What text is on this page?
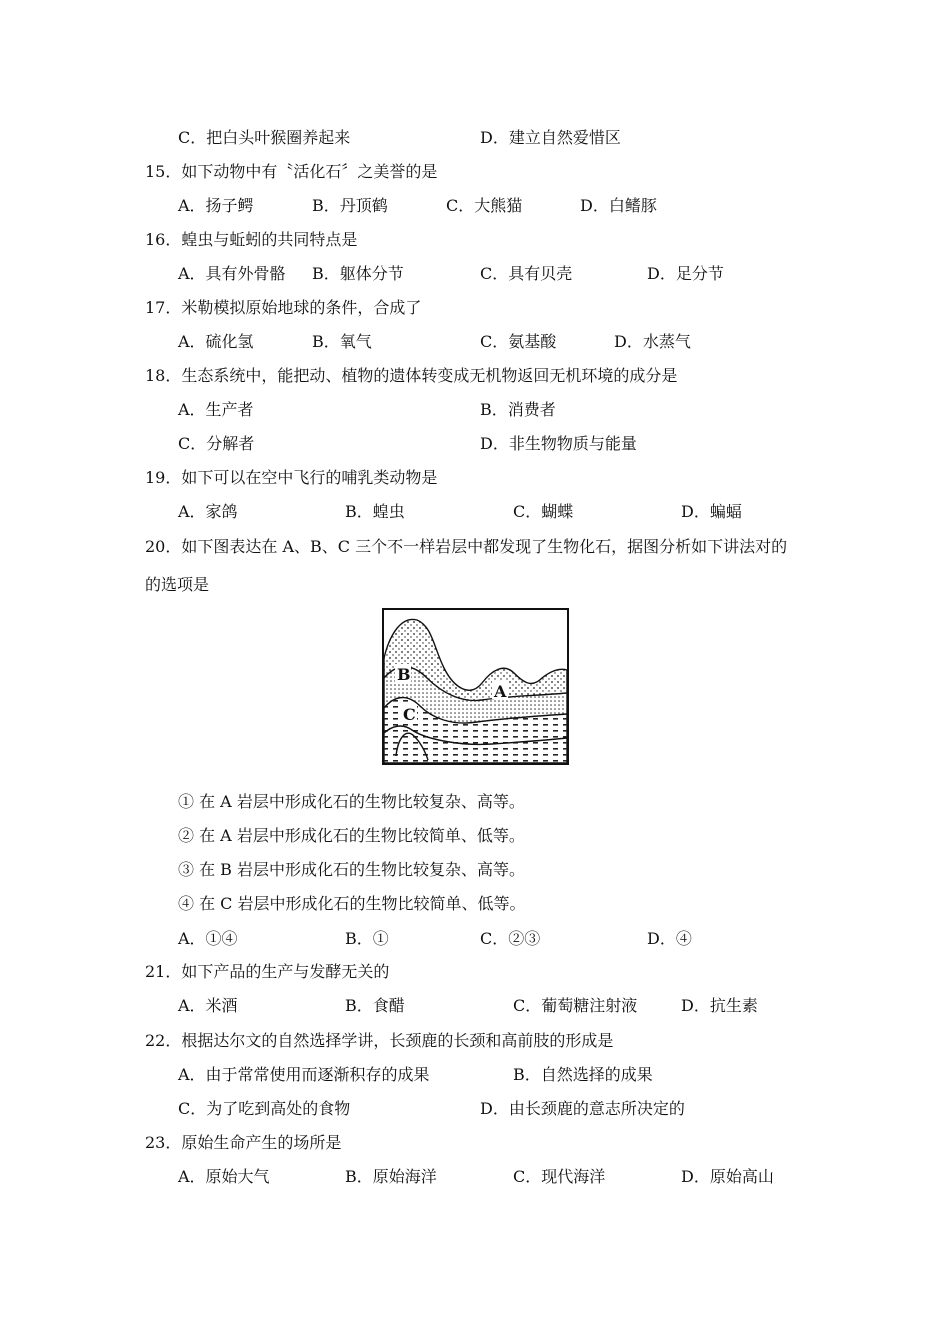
C．把白头叶猴圈养起来	D．建立自然爱惜区
15．如下动物中有〝活化石〞之美誉的是
A．扬子鳄	B．丹顶鹤	C．大熊猫	D．白鳍豚
16．蝗虫与蚯蚓的共同特点是
A．具有外骨骼 B．躯体分节	C．具有贝壳	D．足分节
17．米勒模拟原始地球的条件，合成了
A．硫化氢	B．氧气	C．氨基酸	D．水蒸气
18．生态系统中，能把动、植物的遗体转变成无机物返回无机环境的成分是
A．生产者	B．消费者
C．分解者	D．非生物物质与能量
19．如下可以在空中飞行的哺乳类动物是
A．家鸽	B．蝗虫	C．蝴蝶	D．蝙蝠
20．如下图表达在 A、B、C 三个不一样岩层中都发现了生物化石，据图分析如下讲法对的
的选项是
B
A
C
① 在 A 岩层中形成化石的生物比较复杂、高等。
② 在 A 岩层中形成化石的生物比较简单、低等。
③ 在 B 岩层中形成化石的生物比较复杂、高等。
④ 在 C 岩层中形成化石的生物比较简单、低等。
A．①④	B．①	C．②③	D．④
21．如下产品的生产与发酵无关的
A．米酒	B．食醋	C．葡萄糖注射液	D．抗生素
22．根据达尔文的自然选择学讲，长颈鹿的长颈和高前肢的形成是
A．由于常常使用而逐渐积存的成果	B．自然选择的成果
C．为了吃到高处的食物	D．由长颈鹿的意志所决定的
23．原始生命产生的场所是
A．原始大气	B．原始海洋	C．现代海洋	D．原始高山
